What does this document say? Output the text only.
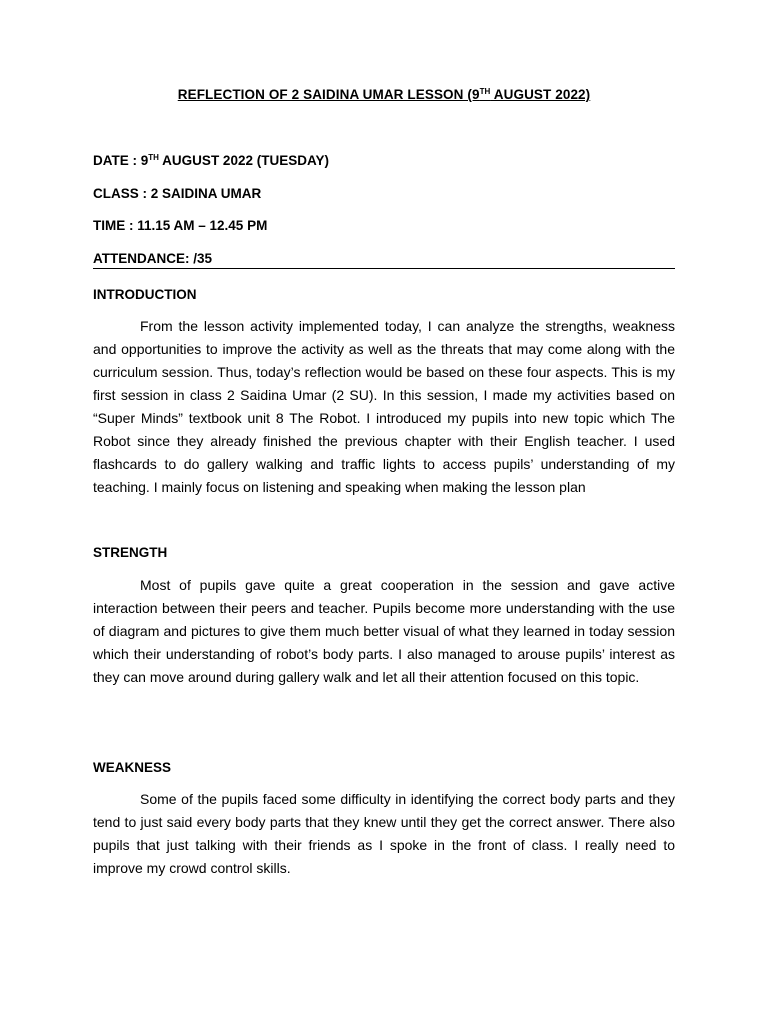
REFLECTION OF 2 SAIDINA UMAR LESSON (9TH AUGUST 2022)
DATE : 9TH AUGUST 2022 (TUESDAY)
CLASS : 2 SAIDINA UMAR
TIME : 11.15 AM – 12.45 PM
ATTENDANCE: /35
INTRODUCTION

From the lesson activity implemented today, I can analyze the strengths, weakness and opportunities to improve the activity as well as the threats that may come along with the curriculum session. Thus, today’s reflection would be based on these four aspects. This is my first session in class 2 Saidina Umar (2 SU). In this session, I made my activities based on “Super Minds” textbook unit 8 The Robot. I introduced my pupils into new topic which The Robot since they already finished the previous chapter with their English teacher. I used flashcards to do gallery walking and traffic lights to access pupils’ understanding of my teaching. I mainly focus on listening and speaking when making the lesson plan

STRENGTH

Most of pupils gave quite a great cooperation in the session and gave active interaction between their peers and teacher. Pupils become more understanding with the use of diagram and pictures to give them much better visual of what they learned in today session which their understanding of robot’s body parts. I also managed to arouse pupils’ interest as they can move around during gallery walk and let all their attention focused on this topic.

WEAKNESS

Some of the pupils faced some difficulty in identifying the correct body parts and they tend to just said every body parts that they knew until they get the correct answer. There also pupils that just talking with their friends as I spoke in the front of class. I really need to improve my crowd control skills.
